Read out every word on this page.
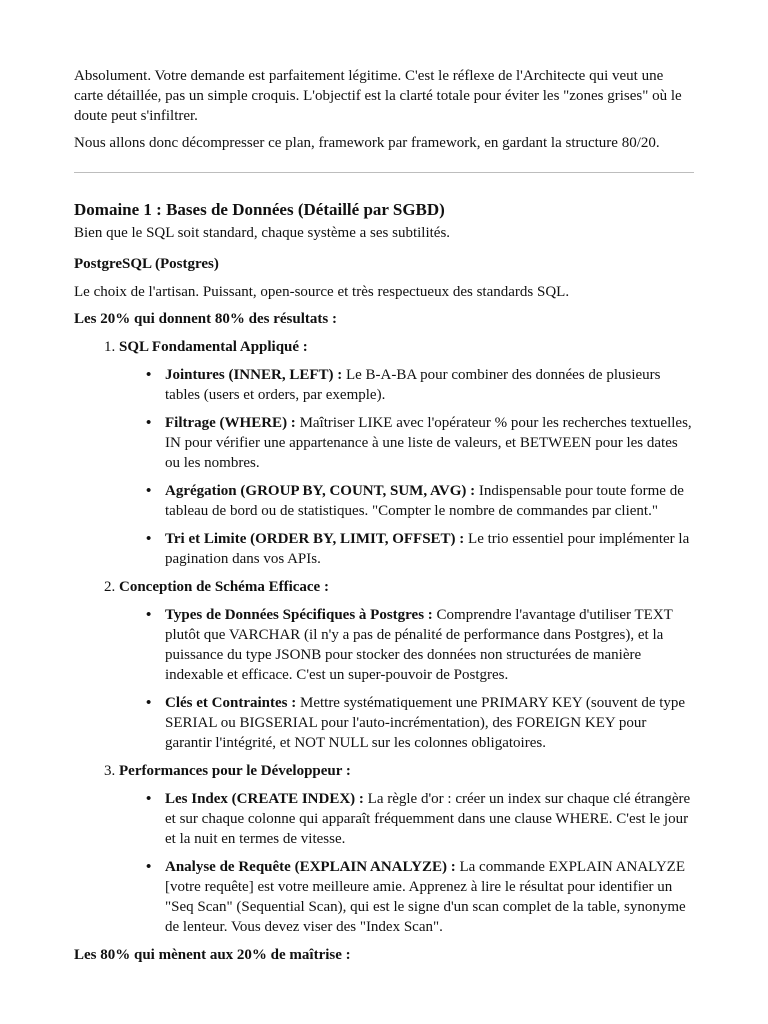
Absolument. Votre demande est parfaitement légitime. C'est le réflexe de l'Architecte qui veut une carte détaillée, pas un simple croquis. L'objectif est la clarté totale pour éviter les "zones grises" où le doute peut s'infiltrer.

Nous allons donc décompresser ce plan, framework par framework, en gardant la structure 80/20.

Domaine 1 : Bases de Données (Détaillé par SGBD)

Bien que le SQL soit standard, chaque système a ses subtilités.

PostgreSQL (Postgres)

Le choix de l'artisan. Puissant, open-source et très respectueux des standards SQL.

Les 20% qui donnent 80% des résultats :

1. SQL Fondamental Appliqué :
• Jointures (INNER, LEFT) : Le B-A-BA pour combiner des données de plusieurs tables (users et orders, par exemple).
• Filtrage (WHERE) : Maîtriser LIKE avec l'opérateur % pour les recherches textuelles, IN pour vérifier une appartenance à une liste de valeurs, et BETWEEN pour les dates ou les nombres.
• Agrégation (GROUP BY, COUNT, SUM, AVG) : Indispensable pour toute forme de tableau de bord ou de statistiques. "Compter le nombre de commandes par client."
• Tri et Limite (ORDER BY, LIMIT, OFFSET) : Le trio essentiel pour implémenter la pagination dans vos APIs.
2. Conception de Schéma Efficace :
• Types de Données Spécifiques à Postgres : Comprendre l'avantage d'utiliser TEXT plutôt que VARCHAR (il n'y a pas de pénalité de performance dans Postgres), et la puissance du type JSONB pour stocker des données non structurées de manière indexable et efficace. C'est un super-pouvoir de Postgres.
• Clés et Contraintes : Mettre systématiquement une PRIMARY KEY (souvent de type SERIAL ou BIGSERIAL pour l'auto-incrémentation), des FOREIGN KEY pour garantir l'intégrité, et NOT NULL sur les colonnes obligatoires.
3. Performances pour le Développeur :
• Les Index (CREATE INDEX) : La règle d'or : créer un index sur chaque clé étrangère et sur chaque colonne qui apparaît fréquemment dans une clause WHERE. C'est le jour et la nuit en termes de vitesse.
• Analyse de Requête (EXPLAIN ANALYZE) : La commande EXPLAIN ANALYZE [votre requête] est votre meilleure amie. Apprenez à lire le résultat pour identifier un "Seq Scan" (Sequential Scan), qui est le signe d'un scan complet de la table, synonyme de lenteur. Vous devez viser des "Index Scan".

Les 80% qui mènent aux 20% de maîtrise :
